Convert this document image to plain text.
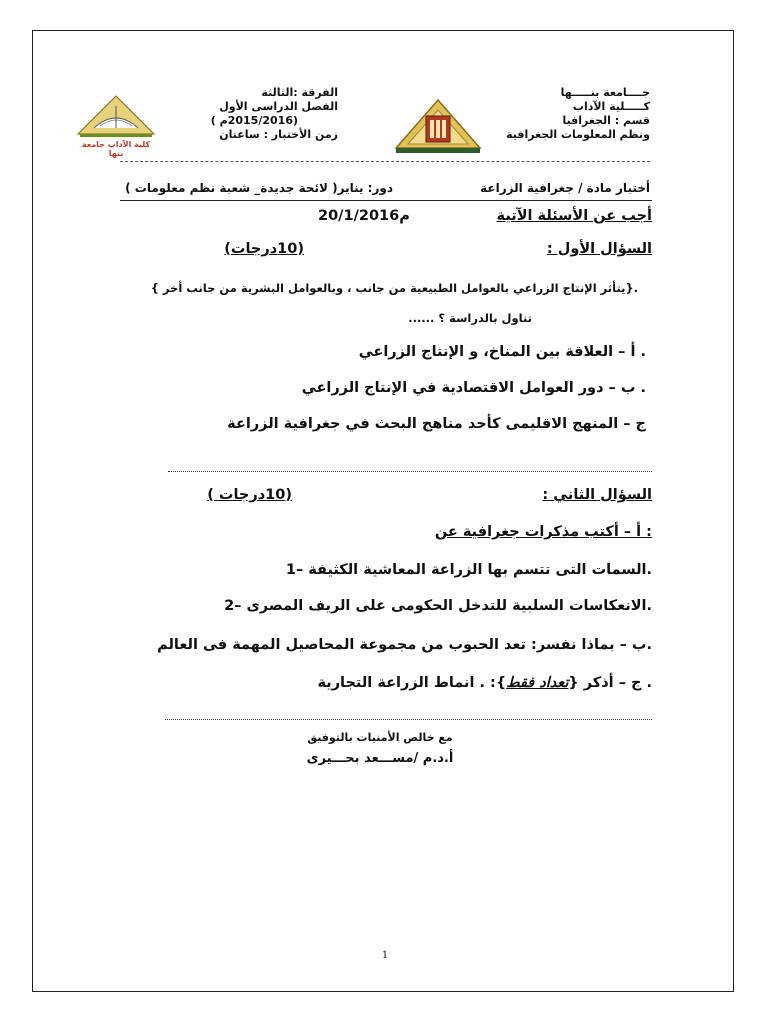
جــــامعة بنـــــها
كـــــلية الآداب
قسم : الجغرافيا
ونظم المعلومات الجغرافية
الفرقة :الثالثة
الفصل الدراسى الأول
(2015/2016م )
زمن الأختبار : ساعتان
كلية الآداب جامعة بنها
أختبار مادة / جغرافية الزراعة
دور: يناير( لائحة جديدة_ شعبة نظم معلومات )
أجب عن الأسئلة الآتية
20/1/2016م
السؤال الأول :
(10درجات)
.{يتأثر الإنتاج الزراعي بالعوامل الطبيعية من جانب ، وبالعوامل البشرية من جانب أخر }
تناول بالدراسة ؟ ......
. أ – العلاقة بين المناخ، و الإنتاج الزراعي
. ب – دور العوامل الاقتصادية في الإنتاج الزراعي
ج – المنهج الاقليمى كأحد مناهج البحث في جغرافية الزراعة
السؤال الثاني :
(10درجات )
: أ – أكتب مذكرات جغرافية عن
.السمات التى تتسم بها الزراعة المعاشية الكثيفة –1
.الانعكاسات السلبية للتدخل الحكومى على الريف المصرى –2
.ب – بماذا نفسر: تعد الحبوب من مجموعة المحاصيل المهمة فى العالم
. ج – أذكر {تعداد فقط}: . انماط الزراعة التجارية
مع خالص الأمنيات بالتوفيق
أ.د.م /مســـعد بحـــيرى
1
